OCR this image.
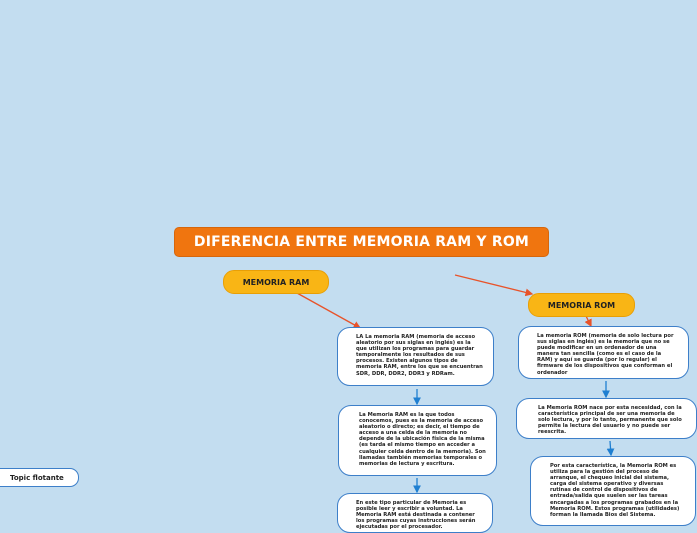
DIFERENCIA ENTRE MEMORIA RAM Y ROM
MEMORIA RAM
MEMORIA ROM
LA La memoria RAM (memoria de acceso aleatorio por sus siglas en inglés) es la que utilizan los programas para guardar temporalmente los resultados de sus procesos. Existen algunos tipos de memoria RAM, entre los que se encuentran SDR, DDR, DDR2, DDR3 y RDRam.
La Memoria RAM es la que todos conocemos, pues es la memoria de acceso aleatorio o directo; es decir, el tiempo de acceso a una celda de la memoria no depende de la ubicación física de la misma (es tarda el mismo tiempo en acceder a cualquier celda dentro de la memoria). Son llamadas también memorias temporales o memorias de lectura y escritura.
En este tipo particular de Memoria es posible leer y escribir a voluntad. La Memoria RAM está destinada a contener los programas cuyas instrucciones serán ejecutadas por el procesador.
La memoria ROM (memoria de solo lectura por sus siglas en inglés) es la memoria que no se puede modificar en un ordenador de una manera tan sencilla (como es el caso de la RAM) y aquí se guarda (por lo regular) el firmware de los dispositivos que conforman el ordenador
La Memoria ROM nace por esta necesidad, con la característica principal de ser una memoria de solo lectura, y por lo tanto, permanente que solo permite la lectura del usuario y no puede ser reescrita.
Por esta característica, la Memoria ROM es utiliza para la gestión del proceso de arranque, el chequeo inicial del sistema, carga del sistema operativo y diversas rutinas de control de dispositivos de entrada/salida que suelen ser las tareas encargadas a los programas grabados en la Memoria ROM. Estos programas (utilidades) forman la llamada Bios del Sistema.
Topic flotante
